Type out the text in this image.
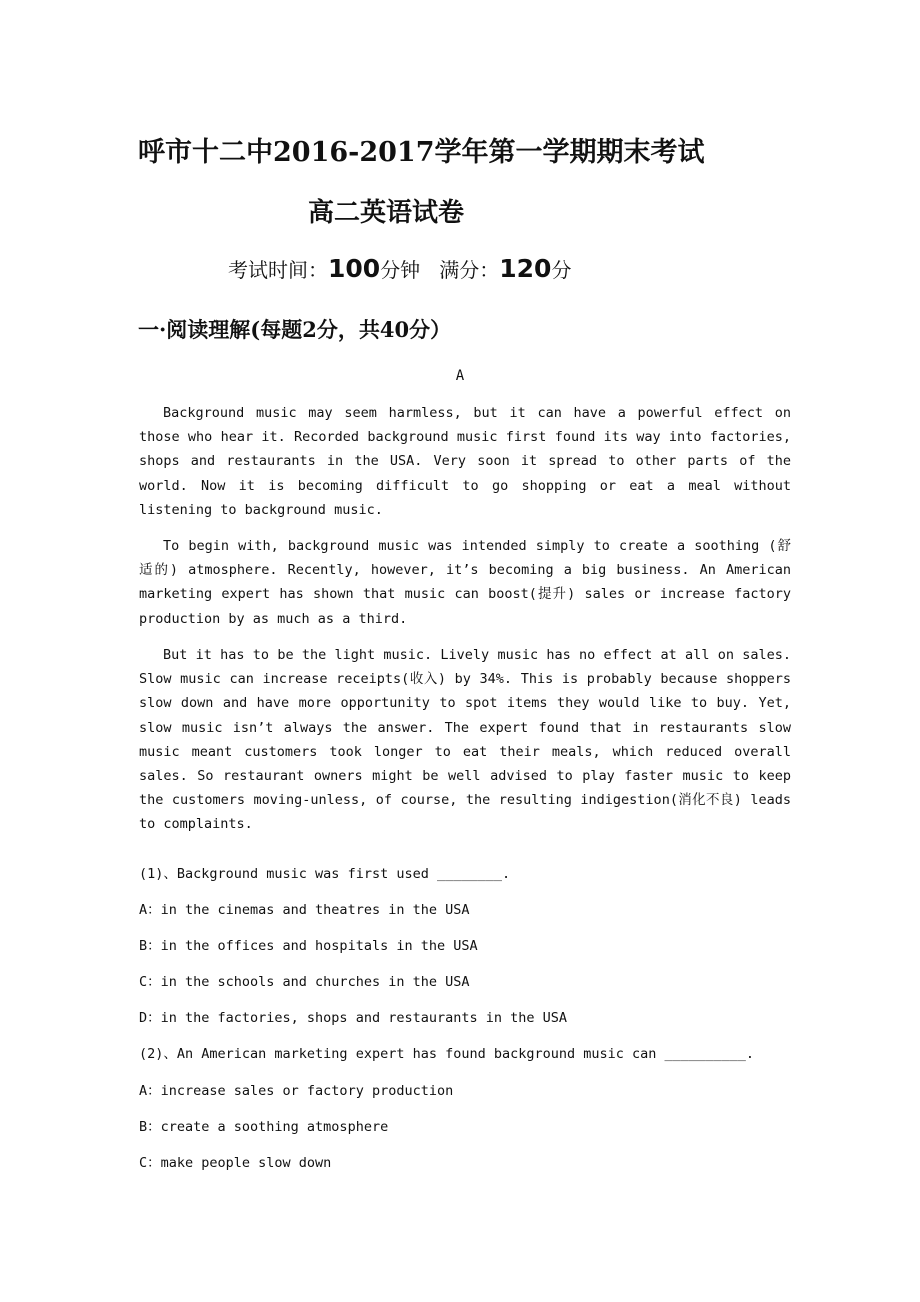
呼市十二中2016-2017学年第一学期期末考试
高二英语试卷
考试时间：100分钟 满分：120分
一·阅读理解(每题2分，共40分）
A

Background music may seem harmless, but it can have a powerful effect on those who hear it. Recorded background music first found its way into factories, shops and restaurants in the USA. Very soon it spread to other parts of the world. Now it is becoming difficult to go shopping or eat a meal without listening to background music.

To begin with, background music was intended simply to create a soothing (舒适的) atmosphere. Recently, however, it’s becoming a big business. An American marketing expert has shown that music can boost(提升) sales or increase factory production by as much as a third.

But it has to be the light music. Lively music has no effect at all on sales. Slow music can increase receipts(收入) by 34%. This is probably because shoppers slow down and have more opportunity to spot items they would like to buy. Yet, slow music isn’t always the answer. The expert found that in restaurants slow music meant customers took longer to eat their meals, which reduced overall sales. So restaurant owners might be well advised to play faster music to keep the customers moving-unless, of course, the resulting indigestion(消化不良) leads to complaints.

(1)、Background music was first used ________.
A：in the cinemas and theatres in the USA
B：in the offices and hospitals in the USA
C：in the schools and churches in the USA
D：in the factories, shops and restaurants in the USA
(2)、An American marketing expert has found background music can __________.
A：increase sales or factory production
B：create a soothing atmosphere
C：make people slow down
